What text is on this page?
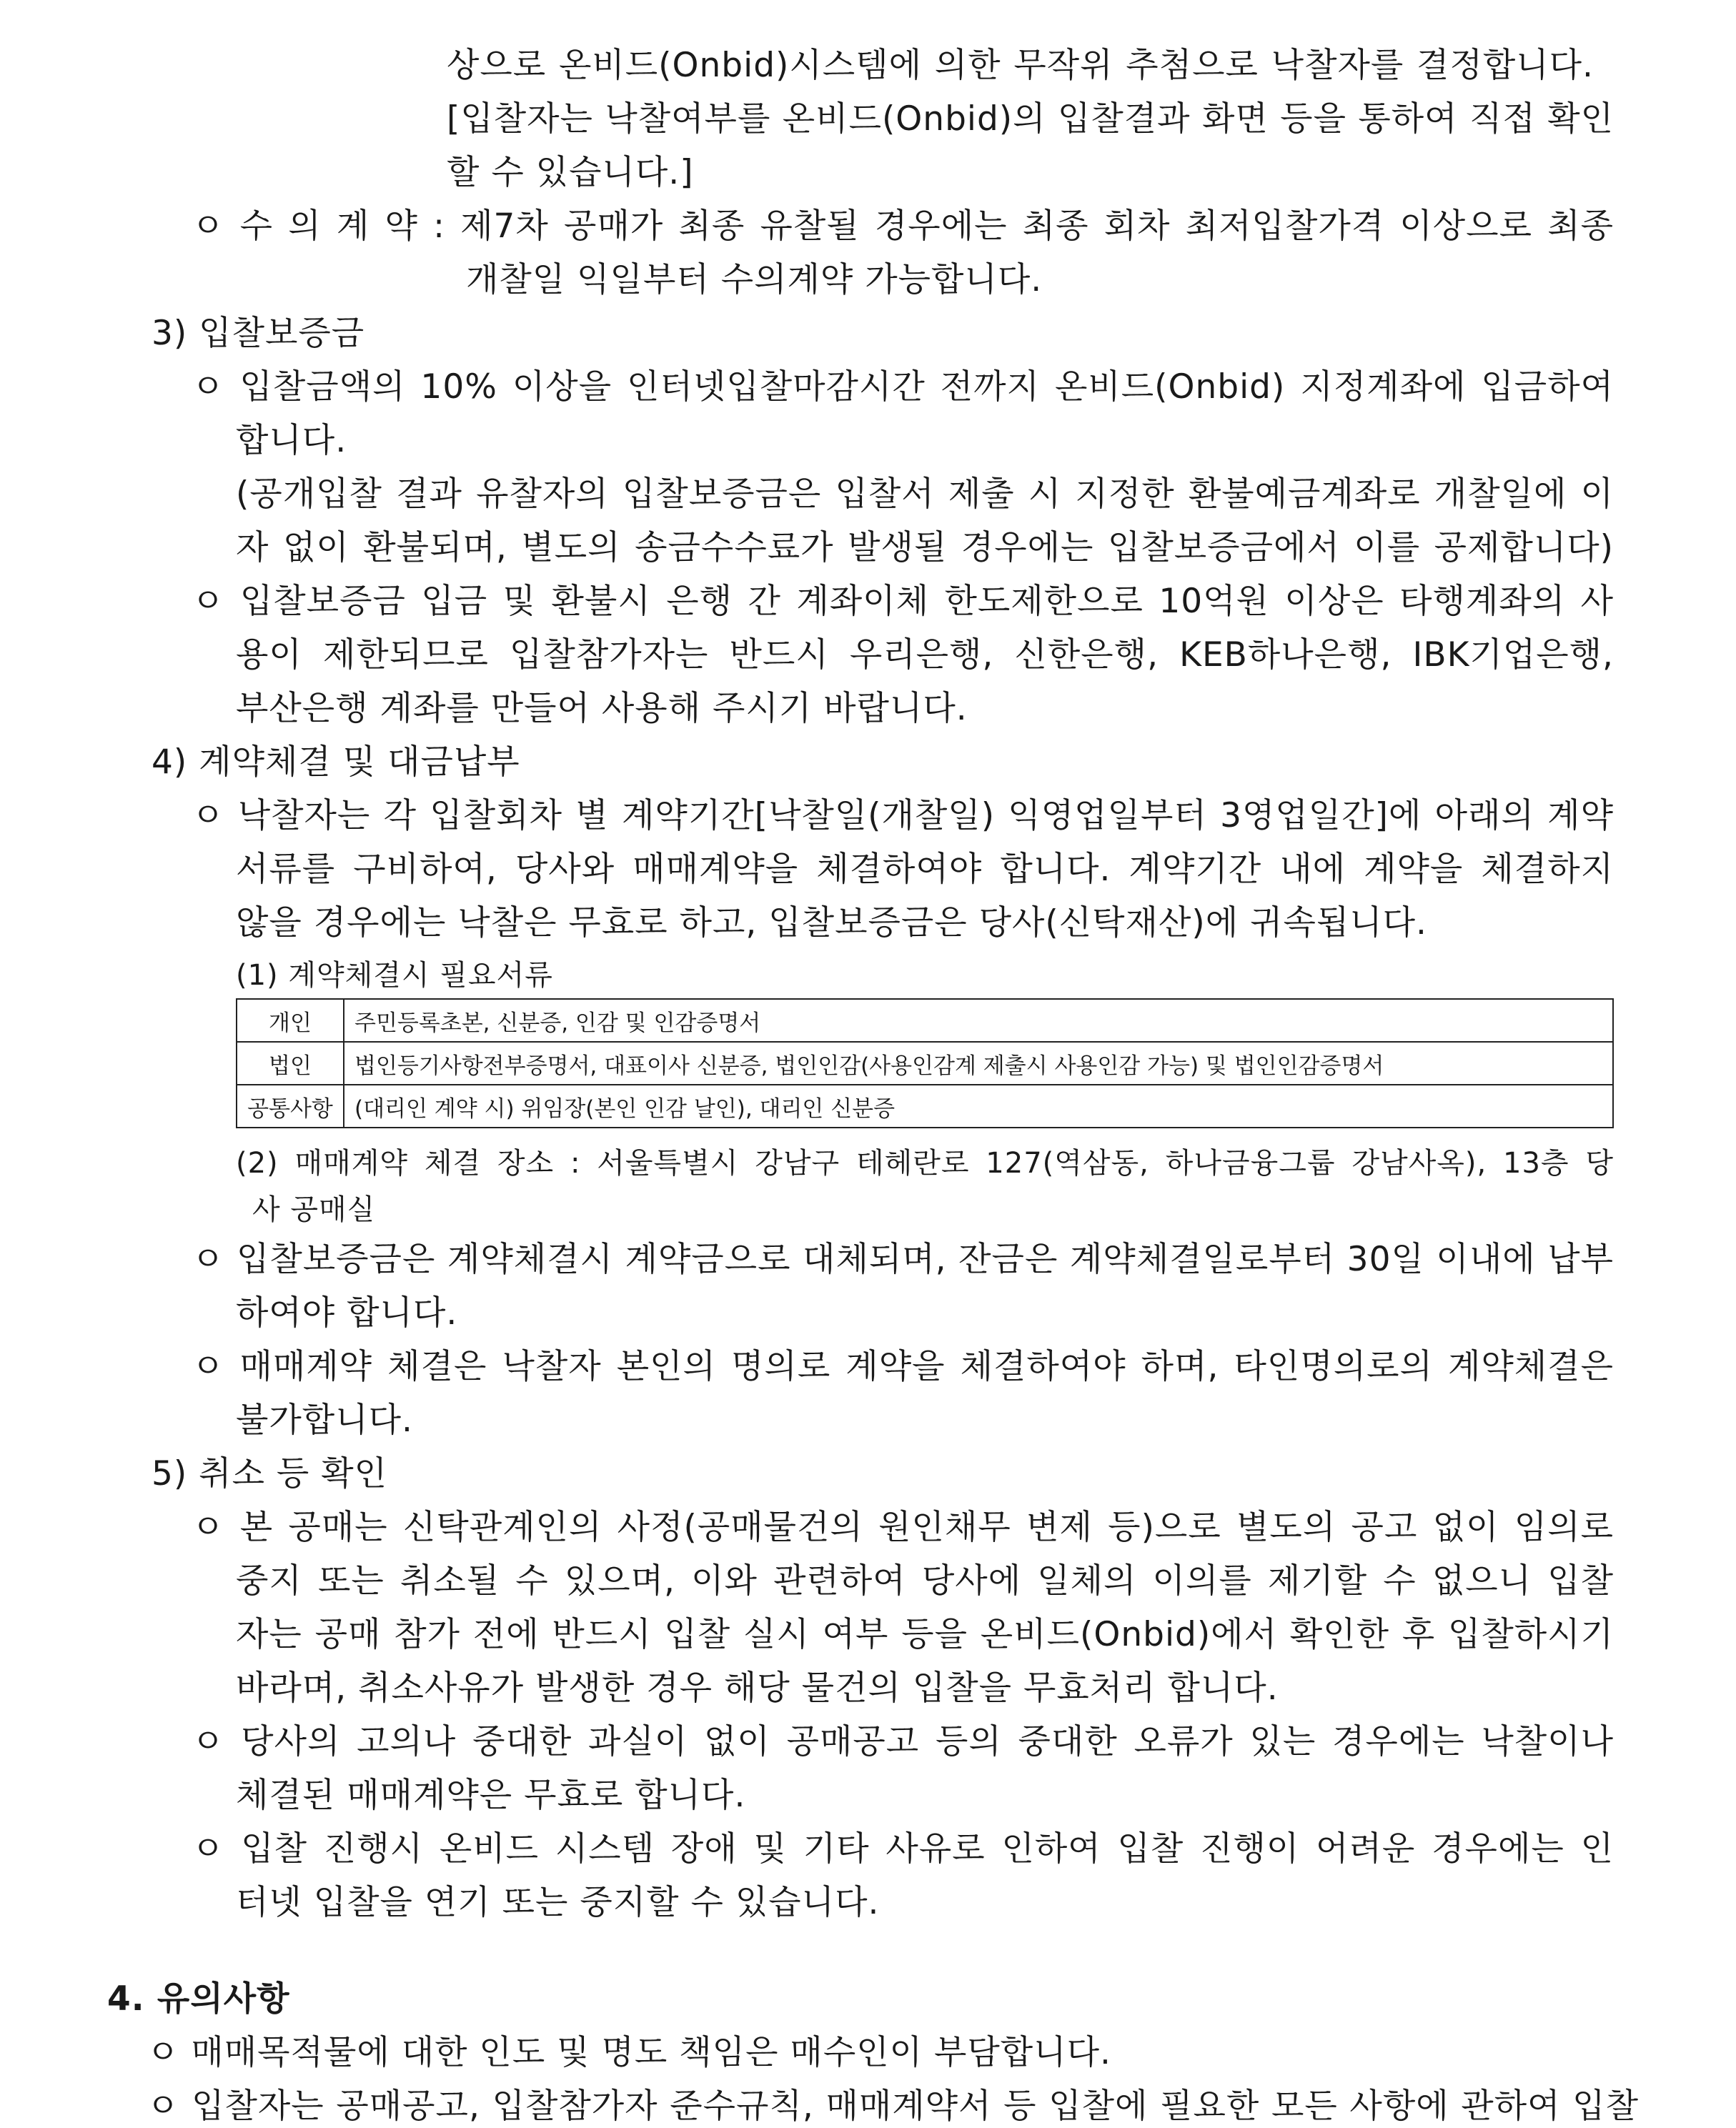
상으로 온비드(Onbid)시스템에 의한 무작위 추첨으로 낙찰자를 결정합니다.
[입찰자는 낙찰여부를 온비드(Onbid)의 입찰결과 화면 등을 통하여 직접 확인
할 수 있습니다.]
ㅇ 수 의 계 약 : 제7차 공매가 최종 유찰될 경우에는 최종 회차 최저입찰가격 이상으로 최종
개찰일 익일부터 수의계약 가능합니다.
3) 입찰보증금
ㅇ 입찰금액의 10% 이상을 인터넷입찰마감시간 전까지 온비드(Onbid) 지정계좌에 입금하여
합니다.
(공개입찰 결과 유찰자의 입찰보증금은 입찰서 제출 시 지정한 환불예금계좌로 개찰일에 이
자 없이 환불되며, 별도의 송금수수료가 발생될 경우에는 입찰보증금에서 이를 공제합니다)
ㅇ 입찰보증금 입금 및 환불시 은행 간 계좌이체 한도제한으로 10억원 이상은 타행계좌의 사
용이 제한되므로 입찰참가자는 반드시 우리은행, 신한은행, KEB하나은행, IBK기업은행,
부산은행 계좌를 만들어 사용해 주시기 바랍니다.
4) 계약체결 및 대금납부
ㅇ 낙찰자는 각 입찰회차 별 계약기간[낙찰일(개찰일) 익영업일부터 3영업일간]에 아래의 계약
서류를 구비하여, 당사와 매매계약을 체결하여야 합니다. 계약기간 내에 계약을 체결하지
않을 경우에는 낙찰은 무효로 하고, 입찰보증금은 당사(신탁재산)에 귀속됩니다.
(1) 계약체결시 필요서류
개인	주민등록초본, 신분증, 인감 및 인감증명서
법인	법인등기사항전부증명서, 대표이사 신분증, 법인인감(사용인감계 제출시 사용인감 가능) 및 법인인감증명서
공통사항	(대리인 계약 시) 위임장(본인 인감 날인), 대리인 신분증
(2) 매매계약 체결 장소 : 서울특별시 강남구 테헤란로 127(역삼동, 하나금융그룹 강남사옥), 13층 당
사 공매실
ㅇ 입찰보증금은 계약체결시 계약금으로 대체되며, 잔금은 계약체결일로부터 30일 이내에 납부
하여야 합니다.
ㅇ 매매계약 체결은 낙찰자 본인의 명의로 계약을 체결하여야 하며, 타인명의로의 계약체결은
불가합니다.
5) 취소 등 확인
ㅇ 본 공매는 신탁관계인의 사정(공매물건의 원인채무 변제 등)으로 별도의 공고 없이 임의로
중지 또는 취소될 수 있으며, 이와 관련하여 당사에 일체의 이의를 제기할 수 없으니 입찰
자는 공매 참가 전에 반드시 입찰 실시 여부 등을 온비드(Onbid)에서 확인한 후 입찰하시기
바라며, 취소사유가 발생한 경우 해당 물건의 입찰을 무효처리 합니다.
ㅇ 당사의 고의나 중대한 과실이 없이 공매공고 등의 중대한 오류가 있는 경우에는 낙찰이나
체결된 매매계약은 무효로 합니다.
ㅇ 입찰 진행시 온비드 시스템 장애 및 기타 사유로 인하여 입찰 진행이 어려운 경우에는 인
터넷 입찰을 연기 또는 중지할 수 있습니다.
4. 유의사항
ㅇ 매매목적물에 대한 인도 및 명도 책임은 매수인이 부담합니다.
ㅇ 입찰자는 공매공고, 입찰참가자 준수규칙, 매매계약서 등 입찰에 필요한 모든 사항에 관하여 입찰
